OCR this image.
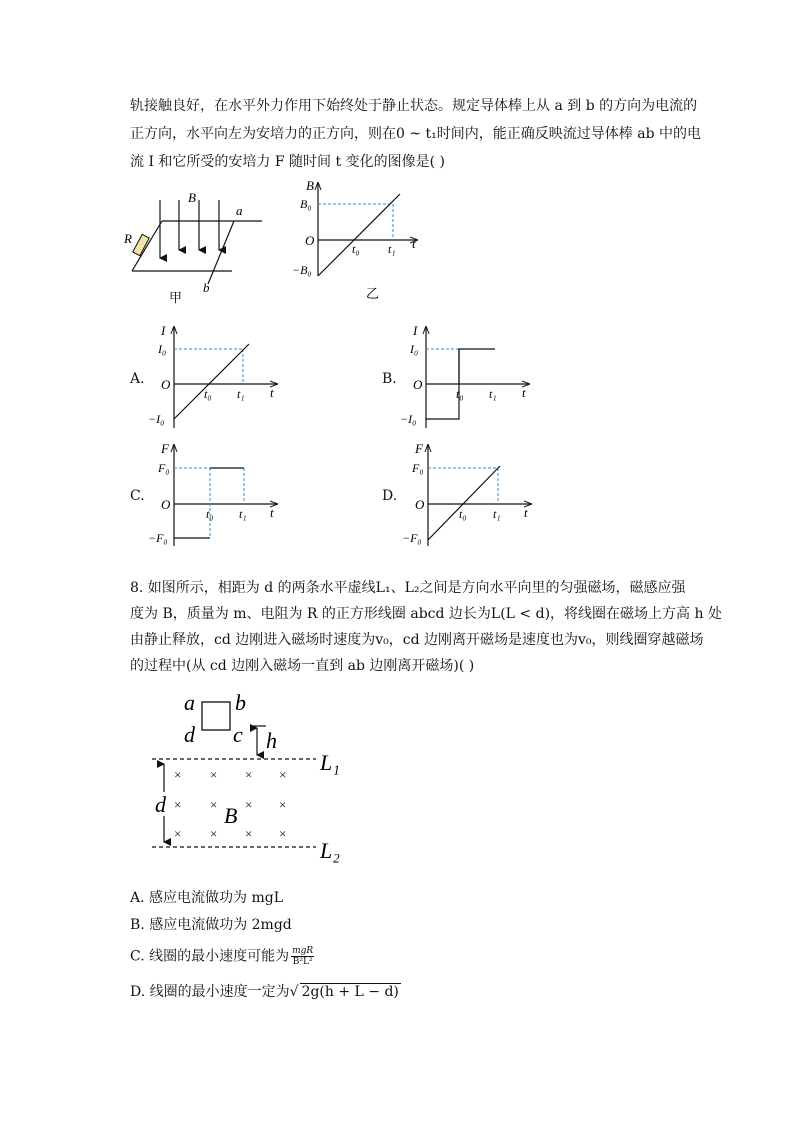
轨接触良好，在水平外力作用下始终处于静止状态。规定导体棒上从 a 到 b 的方向为电流的
正方向，水平向左为安培力的正方向，则在0 ~ t₁时间内，能正确反映流过导体棒 ab 中的电
流 I 和它所受的安培力 F 随时间 t 变化的图像是( )
B
R
a
b
甲
B
B₀
O
−B₀
t₀ t₁ t
乙
A.
I
I₀
O
−I₀
t₀ t₁ t
B.
I
I₀
O
−I₀
t₀ t₁ t
C.
F
F₀
O
−F₀
t₀ t₁ t
D.
F
F₀
O
−F₀
t₀ t₁ t
8. 如图所示，相距为 d 的两条水平虚线L₁、L₂之间是方向水平向里的匀强磁场，磁感应强
度为 B，质量为 m、电阻为 R 的正方形线圈 abcd 边长为L(L < d)，将线圈在磁场上方高 h 处
由静止释放，cd 边刚进入磁场时速度为v₀，cd 边刚离开磁场是速度也为v₀，则线圈穿越磁场
的过程中(从 cd 边刚入磁场一直到 ab 边刚离开磁场)( )
a b
d c h
L₁
L₂
d
× × × ×
× × × ×
× × × ×
B
A. 感应电流做功为 mgL
B. 感应电流做功为 2mgd
C. 线圈的最小速度可能为 $\frac{\text{mgR}}{\text{B²L²}}$
D. 线圈的最小速度一定为√ 2g(h + L − d)
